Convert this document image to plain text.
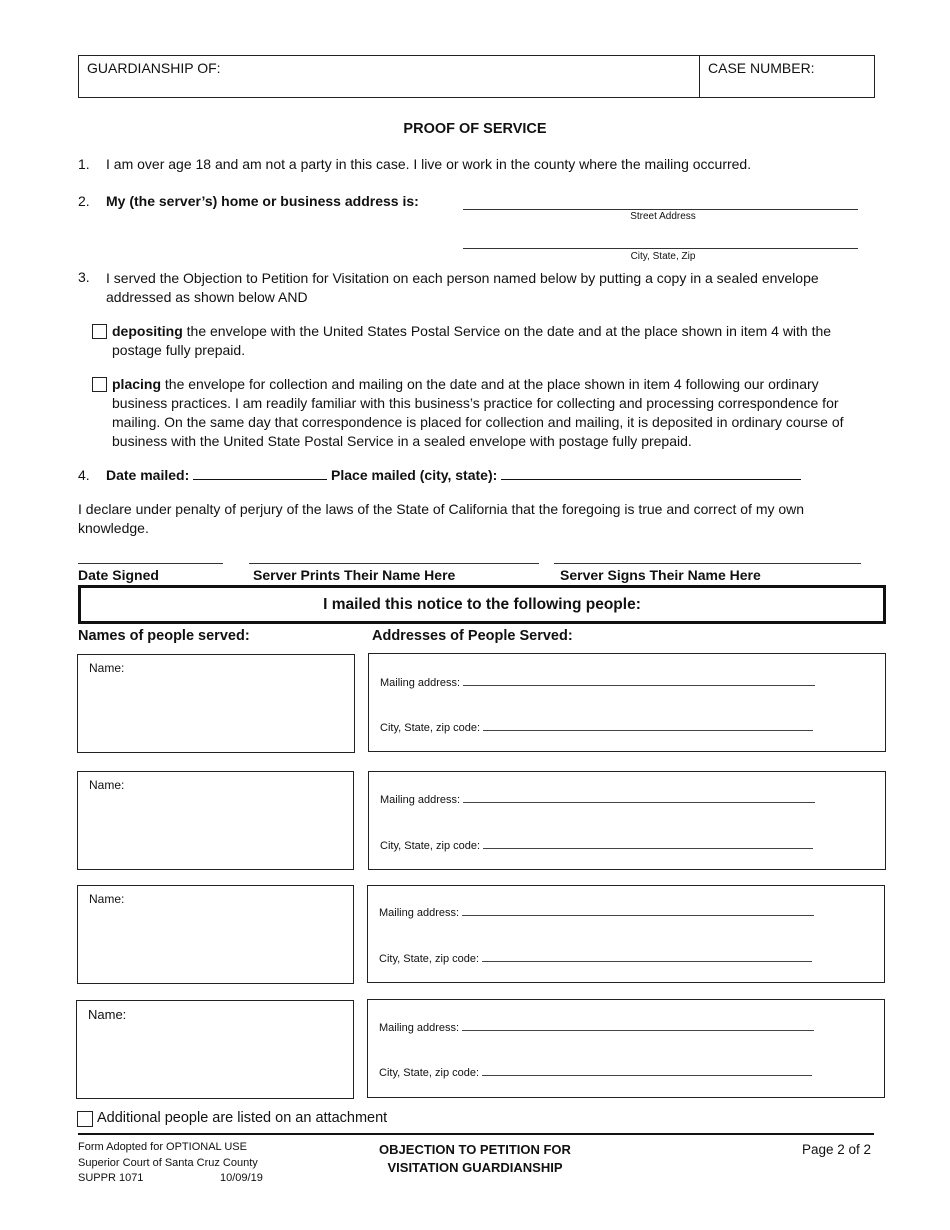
GUARDIANSHIP OF:	CASE NUMBER:
PROOF OF SERVICE
1.	I am over age 18 and am not a party in this case. I live or work in the county where the mailing occurred.
2. My (the server’s) home or business address is:
Street Address
City, State, Zip
3. I served the Objection to Petition for Visitation on each person named below by putting a copy in a sealed envelope addressed as shown below AND
depositing the envelope with the United States Postal Service on the date and at the place shown in item 4 with the postage fully prepaid.
placing the envelope for collection and mailing on the date and at the place shown in item 4 following our ordinary business practices. I am readily familiar with this business’s practice for collecting and processing correspondence for mailing. On the same day that correspondence is placed for collection and mailing, it is deposited in ordinary course of business with the United State Postal Service in a sealed envelope with postage fully prepaid.
4. Date mailed:	Place mailed (city, state):
I declare under penalty of perjury of the laws of the State of California that the foregoing is true and correct of my own knowledge.
Date Signed	Server Prints Their Name Here	Server Signs Their Name Here
I mailed this notice to the following people:
Names of people served:	Addresses of People Served:
Name:
Mailing address:
City, State, zip code:
Name:
Mailing address:
City, State, zip code:
Name:
Mailing address:
City, State, zip code:
Name:
Mailing address:
City, State, zip code:
Additional people are listed on an attachment
Form Adopted for OPTIONAL USE
Superior Court of Santa Cruz County
SUPPR 1071	10/09/19
OBJECTION TO PETITION FOR
VISITATION GUARDIANSHIP
Page 2 of 2
